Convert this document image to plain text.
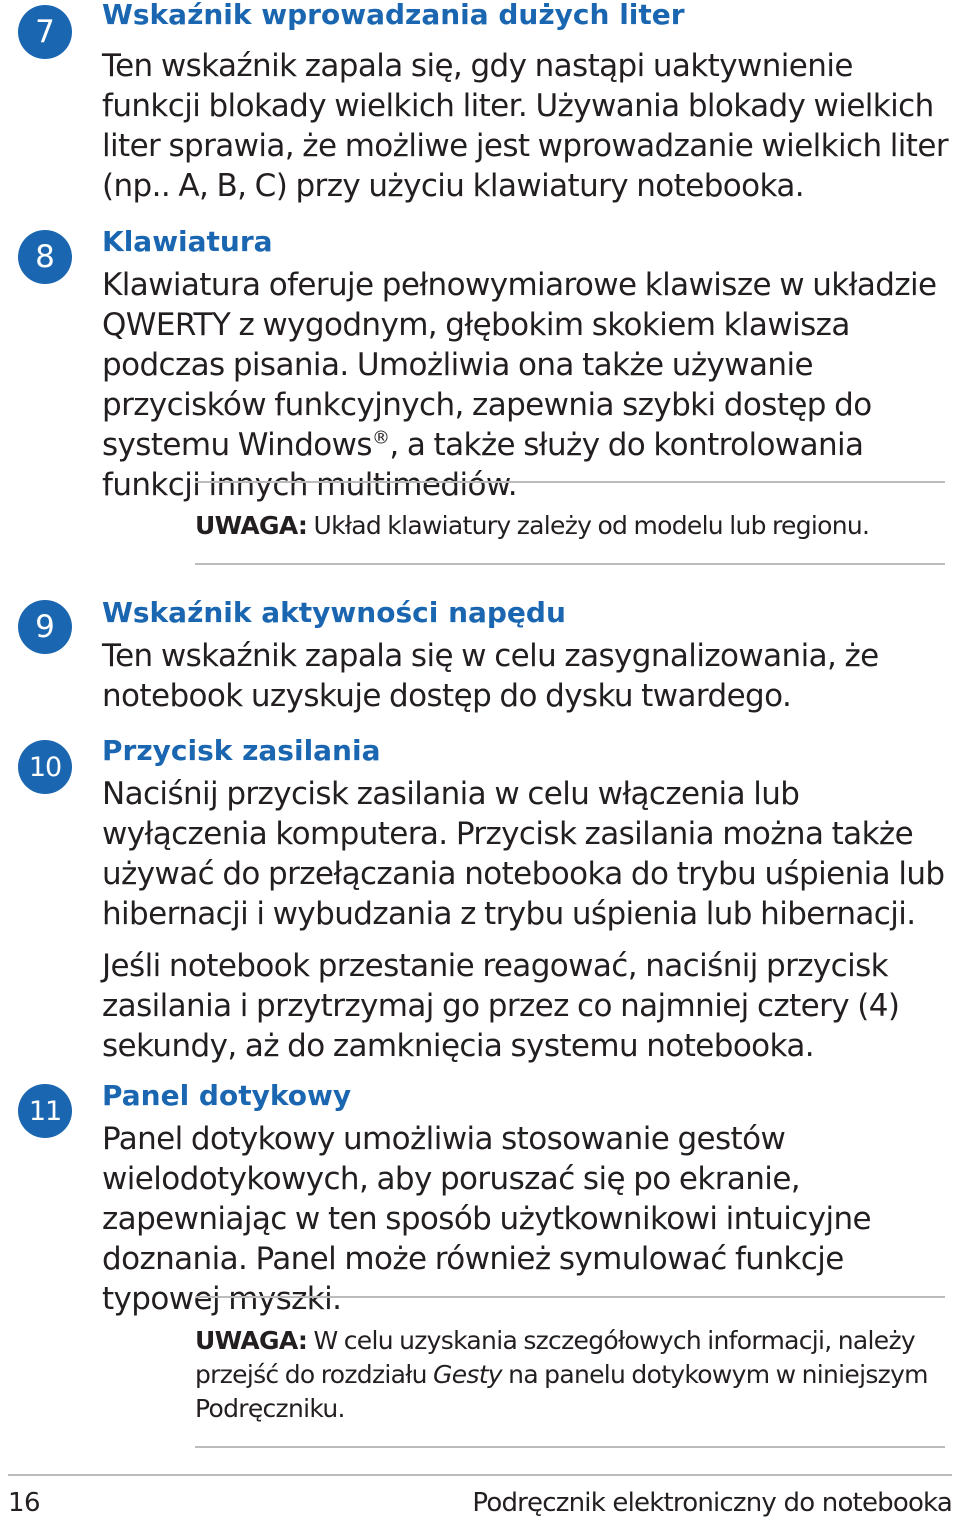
7 Wskaźnik wprowadzania dużych liter

Ten wskaźnik zapala się, gdy nastąpi uaktywnienie funkcji blokady wielkich liter. Używania blokady wielkich liter sprawia, że możliwe jest wprowadzanie wielkich liter (np.. A, B, C) przy użyciu klawiatury notebooka.

8 Klawiatura

Klawiatura oferuje pełnowymiarowe klawisze w układzie QWERTY z wygodnym, głębokim skokiem klawisza podczas pisania. Umożliwia ona także używanie przycisków funkcyjnych, zapewnia szybki dostęp do systemu Windows®, a także służy do kontrolowania funkcji innych multimediów.

UWAGA: Układ klawiatury zależy od modelu lub regionu.

9 Wskaźnik aktywności napędu

Ten wskaźnik zapala się w celu zasygnalizowania, że notebook uzyskuje dostęp do dysku twardego.

10 Przycisk zasilania

Naciśnij przycisk zasilania w celu włączenia lub wyłączenia komputera. Przycisk zasilania można także używać do przełączania notebooka do trybu uśpienia lub hibernacji i wybudzania z trybu uśpienia lub hibernacji.

Jeśli notebook przestanie reagować, naciśnij przycisk zasilania i przytrzymaj go przez co najmniej cztery (4) sekundy, aż do zamknięcia systemu notebooka.

11 Panel dotykowy

Panel dotykowy umożliwia stosowanie gestów wielodotykowych, aby poruszać się po ekranie, zapewniając w ten sposób użytkownikowi intuicyjne doznania. Panel może również symulować funkcje typowej myszki.

UWAGA: W celu uzyskania szczegółowych informacji, należy przejść do rozdziału Gesty na panelu dotykowym w niniejszym Podręczniku.

16	Podręcznik elektroniczny do notebooka
